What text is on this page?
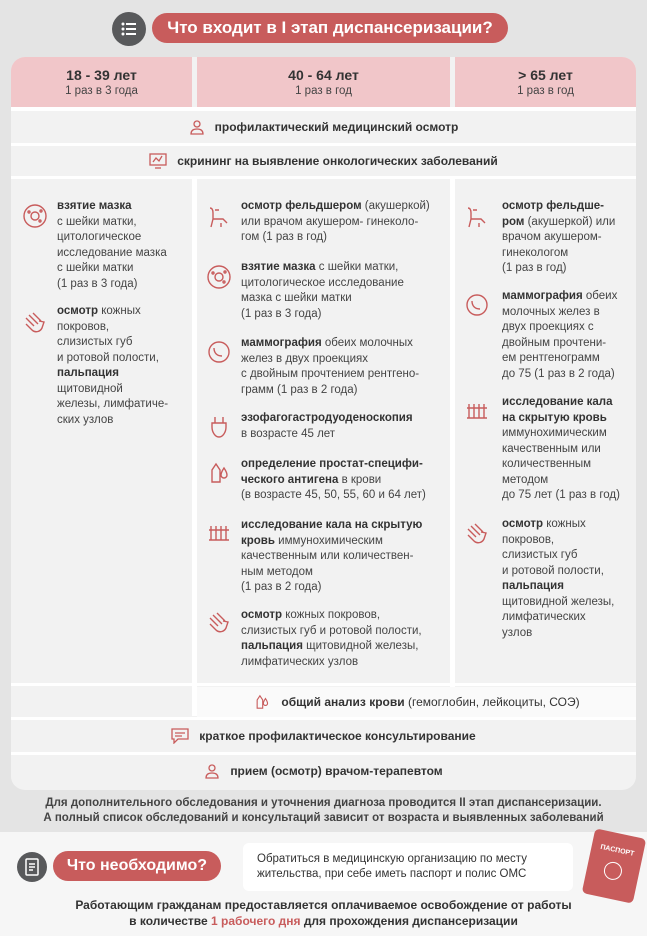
Что входит в I этап диспансеризации?
18 - 39 лет
1 раз в 3 года
40 - 64 лет
1 раз в год
> 65 лет
1 раз в год
профилактический медицинский осмотр
скрининг на выявление онкологических заболеваний
взятие мазка
с шейки матки,
цитологическое
исследование мазка
с шейки матки
(1 раз в 3 года)
осмотр кожных
покровов,
слизистых губ
и ротовой полости,
пальпация
щитовидной
железы, лимфатиче-
ских узлов
осмотр фельдшером (акушеркой)
или врачом акушером- гинеколо-
гом (1 раз в год)
взятие мазка с шейки матки,
цитологическое исследование
мазка с шейки матки
(1 раз в 3 года)
маммография обеих молочных
желез в двух проекциях
с двойным прочтением рентгено-
грамм (1 раз в 2 года)
эзофагогастродуоденоскопия
в возрасте 45 лет
определение простат-специфи-
ческого антигена в крови
(в возрасте 45, 50, 55, 60 и 64 лет)
исследование кала на скрытую
кровь иммунохимическим
качественным или количествен-
ным методом
(1 раз в 2 года)
осмотр кожных покровов,
слизистых губ и ротовой полости,
пальпация щитовидной железы,
лимфатических узлов
осмотр фельдше-
ром (акушеркой) или
врачом акушером-
гинекологом
(1 раз в год)
маммография обеих
молочных желез в
двух проекциях с
двойным прочтени-
ем рентгенограмм
до 75 (1 раз в 2 года)
исследование кала
на скрытую кровь
иммунохимическим
качественным или
количественным
методом
до 75 лет (1 раз в год)
осмотр кожных
покровов,
слизистых губ
и ротовой полости,
пальпация
щитовидной железы,
лимфатических
узлов
общий анализ крови (гемоглобин, лейкоциты, СОЭ)
краткое профилактическое консультирование
прием (осмотр) врачом-терапевтом
Для дополнительного обследования и уточнения диагноза проводится II этап диспансеризации.
А полный список обследований и консультаций зависит от возраста и выявленных заболеваний
Что необходимо?	Обратиться в медицинскую организацию по месту
жительства, при себе иметь паспорт и полис ОМС
ПАСПОРТ
Работающим гражданам предоставляется оплачиваемое освобождение от работы
в количестве 1 рабочего дня для прохождения диспансеризации
